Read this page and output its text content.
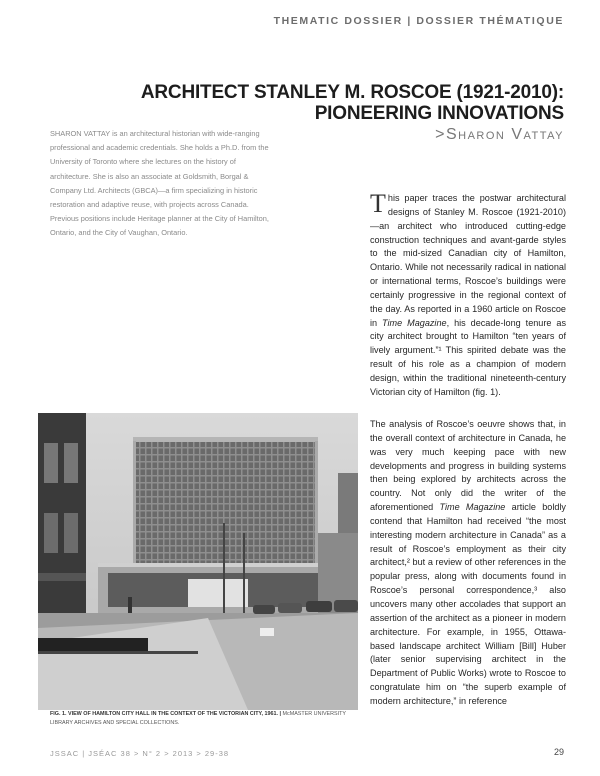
THEMATIC DOSSIER | DOSSIER THÉMATIQUE
ARCHITECT STANLEY M. ROSCOE (1921-2010):
PIONEERING INNOVATIONS
>Sharon Vattay

SHARON VATTAY is an architectural historian with wide-ranging professional and academic credentials. She holds a Ph.D. from the University of Toronto where she lectures on the history of architecture. She is also an associate at Goldsmith, Borgal & Company Ltd. Architects (GBCA)—a firm specializing in historic restoration and adaptive reuse, with projects across Canada. Previous positions include Heritage planner at the City of Hamilton, Ontario, and the City of Vaughan, Ontario.

This paper traces the postwar architectural designs of Stanley M. Roscoe (1921-2010)—an architect who introduced cutting-edge construction techniques and avant-garde styles to the mid-sized Canadian city of Hamilton, Ontario. While not necessarily radical in national or international terms, Roscoe’s buildings were certainly progressive in the regional context of the day. As reported in a 1960 article on Roscoe in Time Magazine, his decade-long tenure as city architect brought to Hamilton “ten years of lively argument.”¹ This spirited debate was the result of his role as a champion of modern design, within the traditional nineteenth-century Victorian city of Hamilton (fig. 1).

The analysis of Roscoe’s oeuvre shows that, in the overall context of architecture in Canada, he was very much keeping pace with new developments and progress in building systems then being explored by architects across the country. Not only did the writer of the aforementioned Time Magazine article boldly contend that Hamilton had received “the most interesting modern architecture in Canada” as a result of Roscoe’s employment as their city architect,² but a review of other references in the popular press, along with documents found in Roscoe’s personal correspondence,³ also uncovers many other accolades that support an assertion of the architect as a pioneer in modern architecture. For example, in 1955, Ottawa-based landscape architect William [Bill] Huber (later senior supervising architect in the Department of Public Works) wrote to Roscoe to congratulate him on “the superb example of modern architecture,” in reference

FIG. 1. VIEW OF HAMILTON CITY HALL IN THE CONTEXT OF THE VICTORIAN CITY, 1961. | McMASTER UNIVERSITY LIBRARY ARCHIVES AND SPECIAL COLLECTIONS.

JSSAC | JSÉAC 38 > N° 2 > 2013 > 29-38	29
